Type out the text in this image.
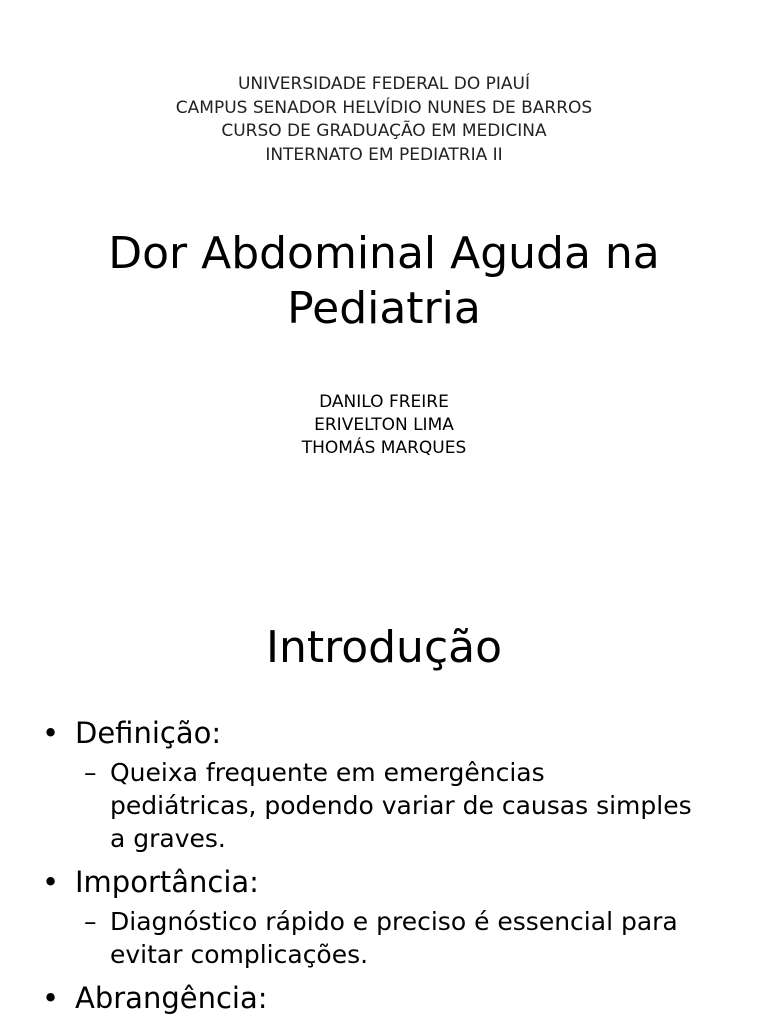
UNIVERSIDADE FEDERAL DO PIAUÍ
CAMPUS SENADOR HELVÍDIO NUNES DE BARROS
CURSO DE GRADUAÇÃO EM MEDICINA
INTERNATO EM PEDIATRIA II
Dor Abdominal Aguda na
Pediatria
DANILO FREIRE
ERIVELTON LIMA
THOMÁS MARQUES
Introdução
• Definição:
– Queixa frequente em emergências pediátricas, podendo variar de causas simples a graves.
• Importância:
– Diagnóstico rápido e preciso é essencial para evitar complicações.
• Abrangência:
